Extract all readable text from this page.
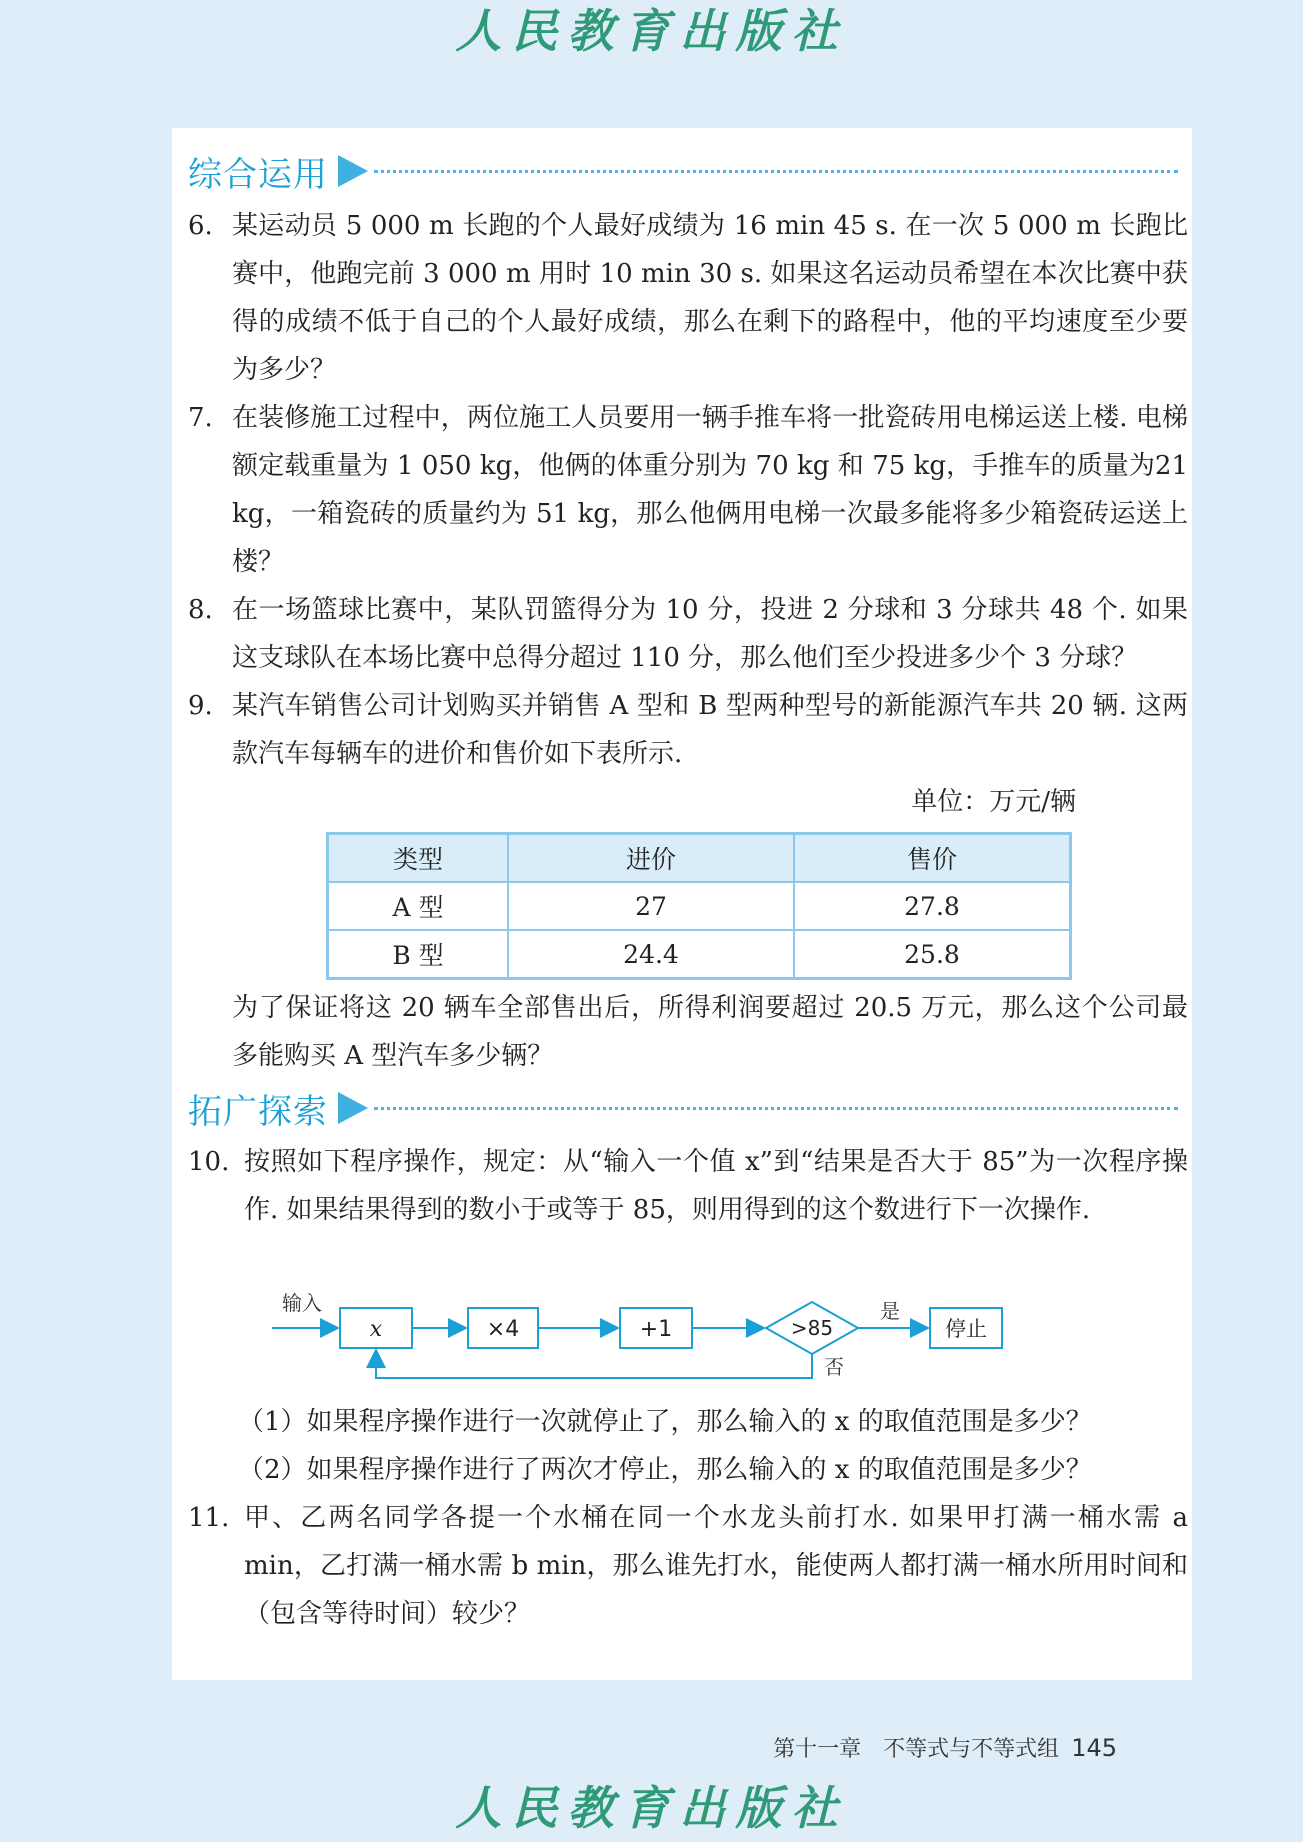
人民教育出版社
综合运用
6. 某运动员 5 000 m 长跑的个人最好成绩为 16 min 45 s. 在一次 5 000 m 长跑比赛中，他跑完前 3 000 m 用时 10 min 30 s. 如果这名运动员希望在本次比赛中获得的成绩不低于自己的个人最好成绩，那么在剩下的路程中，他的平均速度至少要为多少？
7. 在装修施工过程中，两位施工人员要用一辆手推车将一批瓷砖用电梯运送上楼. 电梯额定载重量为 1 050 kg，他俩的体重分别为 70 kg 和 75 kg，手推车的质量为21 kg，一箱瓷砖的质量约为 51 kg，那么他俩用电梯一次最多能将多少箱瓷砖运送上楼？
8. 在一场篮球比赛中，某队罚篮得分为 10 分，投进 2 分球和 3 分球共 48 个. 如果这支球队在本场比赛中总得分超过 110 分，那么他们至少投进多少个 3 分球？
9. 某汽车销售公司计划购买并销售 A 型和 B 型两种型号的新能源汽车共 20 辆. 这两款汽车每辆车的进价和售价如下表所示.
单位：万元/辆
类型	进价	售价
A 型	27	27.8
B 型	24.4	25.8
为了保证将这 20 辆车全部售出后，所得利润要超过 20.5 万元，那么这个公司最多能购买 A 型汽车多少辆？
拓广探索
10. 按照如下程序操作，规定：从“输入一个值 x”到“结果是否大于 85”为一次程序操作. 如果结果得到的数小于或等于 85，则用得到的这个数进行下一次操作.
输入
x	×4	+1	>85
是
停止
否
（1）如果程序操作进行一次就停止了，那么输入的 x 的取值范围是多少？
（2）如果程序操作进行了两次才停止，那么输入的 x 的取值范围是多少？
11. 甲、乙两名同学各提一个水桶在同一个水龙头前打水. 如果甲打满一桶水需 a min，乙打满一桶水需 b min，那么谁先打水，能使两人都打满一桶水所用时间和（包含等待时间）较少？
第十一章　不等式与不等式组 145
人民教育出版社
